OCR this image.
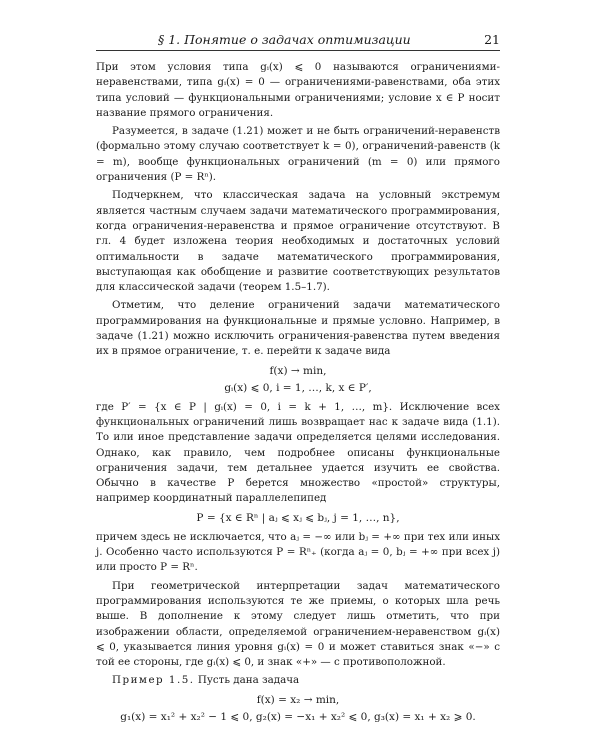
§ 1. Понятие о задачах оптимизации	21

При этом условия типа gᵢ(x) ⩽ 0 называются ограничениями-неравенствами, типа gᵢ(x) = 0 — ограничениями-равенствами, оба этих типа условий — функциональными ограничениями; условие x ∈ P носит название прямого ограничения.

Разумеется, в задаче (1.21) может и не быть ограничений-неравенств (формально этому случаю соответствует k = 0), ограничений-равенств (k = m), вообще функциональных ограничений (m = 0) или прямого ограничения (P = Rⁿ).

Подчеркнем, что классическая задача на условный экстремум является частным случаем задачи математического программирования, когда ограничения-неравенства и прямое ограничение отсутствуют. В гл. 4 будет изложена теория необходимых и достаточных условий оптимальности в задаче математического программирования, выступающая как обобщение и развитие соответствующих результатов для классической задачи (теорем 1.5–1.7).

Отметим, что деление ограничений задачи математического программирования на функциональные и прямые условно. Например, в задаче (1.21) можно исключить ограничения-равенства путем введения их в прямое ограничение, т. е. перейти к задаче вида

f(x) → min,
gᵢ(x) ⩽ 0, i = 1, …, k, x ∈ P′,

где P′ = {x ∈ P | gᵢ(x) = 0, i = k + 1, …, m}. Исключение всех функциональных ограничений лишь возвращает нас к задаче вида (1.1). То или иное представление задачи определяется целями исследования. Однако, как правило, чем подробнее описаны функциональные ограничения задачи, тем детальнее удается изучить ее свойства. Обычно в качестве P берется множество «простой» структуры, например координатный параллелепипед

P = {x ∈ Rⁿ | aⱼ ⩽ xⱼ ⩽ bⱼ, j = 1, …, n},

причем здесь не исключается, что aⱼ = −∞ или bⱼ = +∞ при тех или иных j. Особенно часто используются P = Rⁿ₊ (когда aⱼ = 0, bⱼ = +∞ при всех j) или просто P = Rⁿ.

При геометрической интерпретации задач математического программирования используются те же приемы, о которых шла речь выше. В дополнение к этому следует лишь отметить, что при изображении области, определяемой ограничением-неравенством gᵢ(x) ⩽ 0, указывается линия уровня gᵢ(x) = 0 и может ставиться знак «−» с той ее стороны, где gᵢ(x) ⩽ 0, и знак «+» — с противоположной.

Пример 1.5. Пусть дана задача

f(x) = x₂ → min,
g₁(x) = x₁² + x₂² − 1 ⩽ 0, g₂(x) = −x₁ + x₂² ⩽ 0, g₃(x) = x₁ + x₂ ⩾ 0.
